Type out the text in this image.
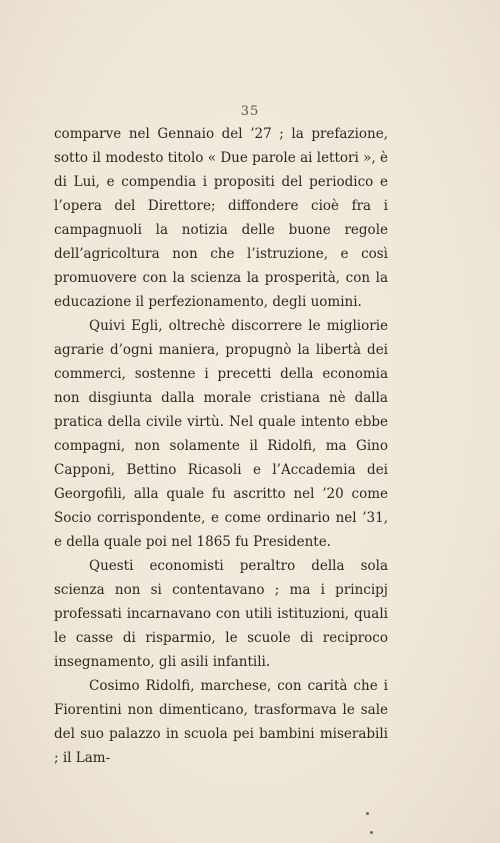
35

comparve nel Gennaio del ’27 ; la prefazione, sotto il modesto titolo « Due parole ai lettori », è di Lui, e compendia i propositi del periodico e l’opera del Direttore; diffondere cioè fra i campagnuoli la notizia delle buone regole dell’agricoltura non che l’istruzione, e così promuovere con la scienza la prosperità, con la educazione il perfezionamento, degli uomini.

Quivi Egli, oltrechè discorrere le migliorie agrarie d’ogni maniera, propugnò la libertà dei commerci, sostenne i precetti della economia non disgiunta dalla morale cristiana nè dalla pratica della civile virtù. Nel quale intento ebbe compagni, non solamente il Ridolfi, ma Gino Capponi, Bettino Ricasoli e l’Accademia dei Georgofili, alla quale fu ascritto nel ’20 come Socio corrispondente, e come ordinario nel ’31, e della quale poi nel 1865 fu Presidente.

Questi economisti peraltro della sola scienza non si contentavano ; ma i principj professati incarnavano con utili istituzioni, quali le casse di risparmio, le scuole di reciproco insegnamento, gli asili infantili.

Cosimo Ridolfi, marchese, con carità che i Fiorentini non dimenticano, trasformava le sale del suo palazzo in scuola pei bambini miserabili ; il Lam-
